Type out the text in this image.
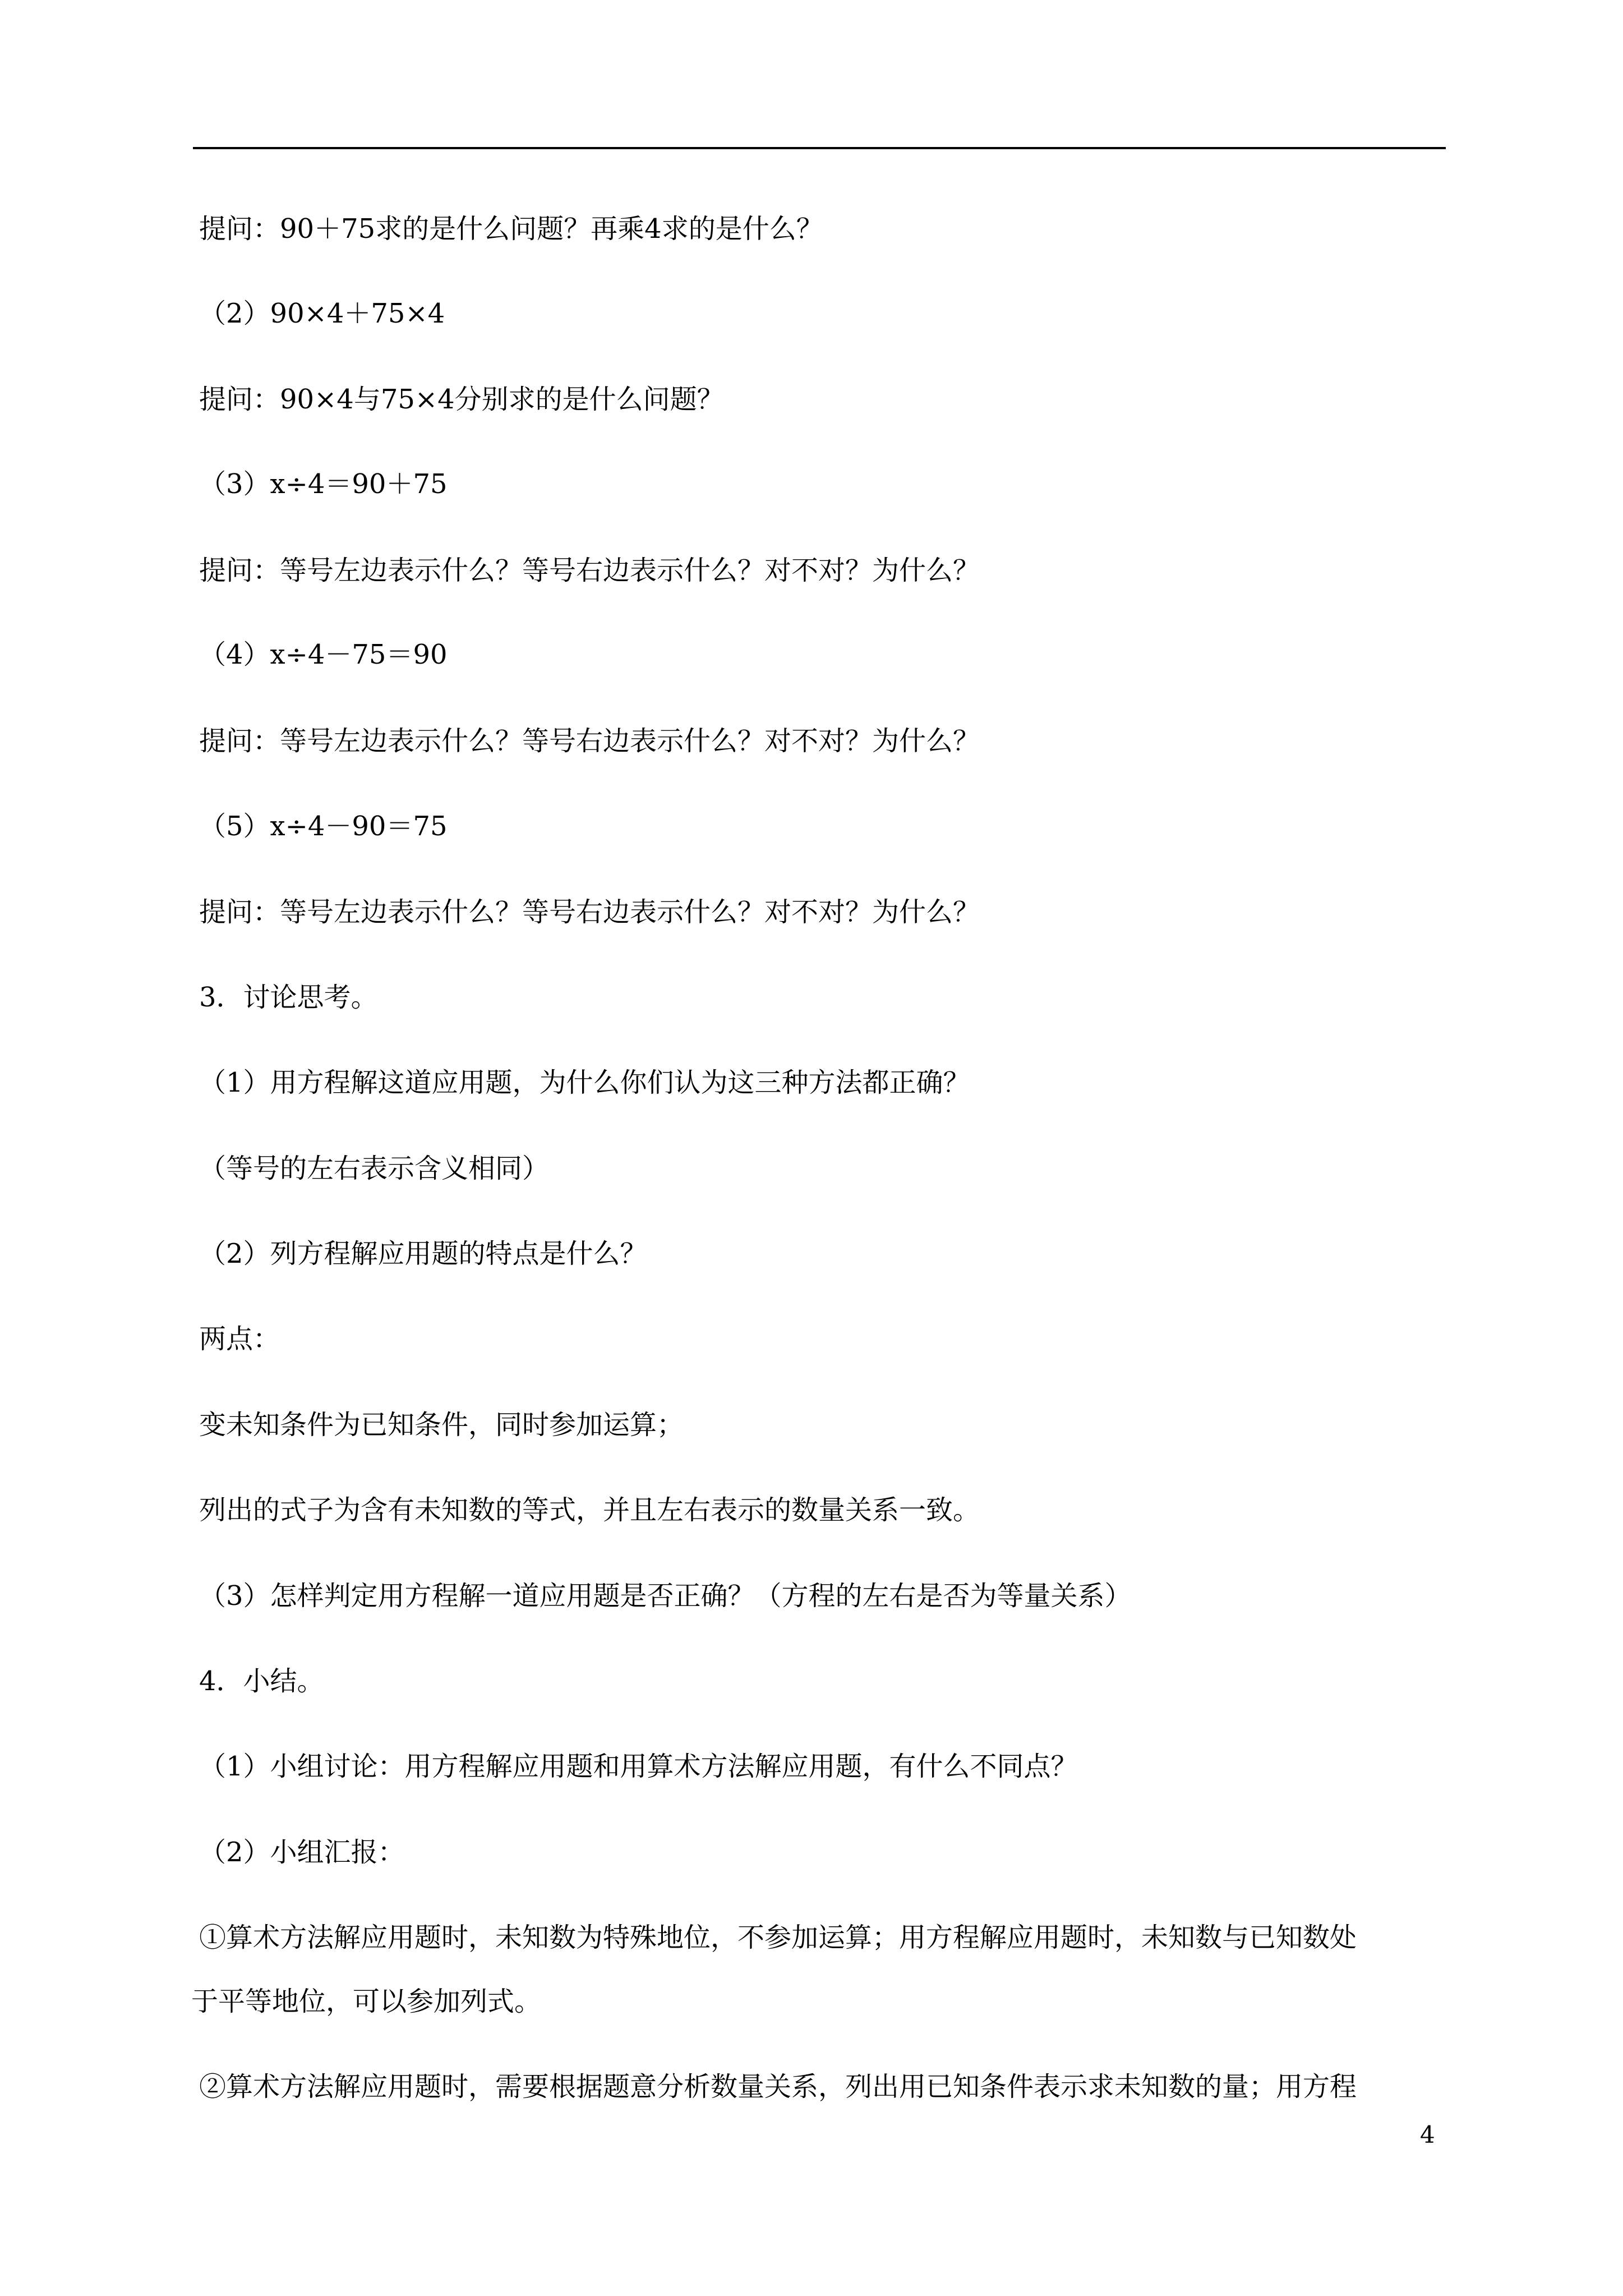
提问：90＋75求的是什么问题？再乘4求的是什么？
（2）90×4＋75×4
提问：90×4与75×4分别求的是什么问题？
（3）x÷4＝90＋75
提问：等号左边表示什么？等号右边表示什么？对不对？为什么？
（4）x÷4－75＝90
提问：等号左边表示什么？等号右边表示什么？对不对？为什么？
（5）x÷4－90＝75
提问：等号左边表示什么？等号右边表示什么？对不对？为什么？
3．讨论思考。
（1）用方程解这道应用题，为什么你们认为这三种方法都正确？
（等号的左右表示含义相同）
（2）列方程解应用题的特点是什么？
两点：
变未知条件为已知条件，同时参加运算；
列出的式子为含有未知数的等式，并且左右表示的数量关系一致。
（3）怎样判定用方程解一道应用题是否正确？（方程的左右是否为等量关系）
4．小结。
（1）小组讨论：用方程解应用题和用算术方法解应用题，有什么不同点？
（2）小组汇报：
①算术方法解应用题时，未知数为特殊地位，不参加运算；用方程解应用题时，未知数与已知数处
于平等地位，可以参加列式。
②算术方法解应用题时，需要根据题意分析数量关系，列出用已知条件表示求未知数的量；用方程
4
